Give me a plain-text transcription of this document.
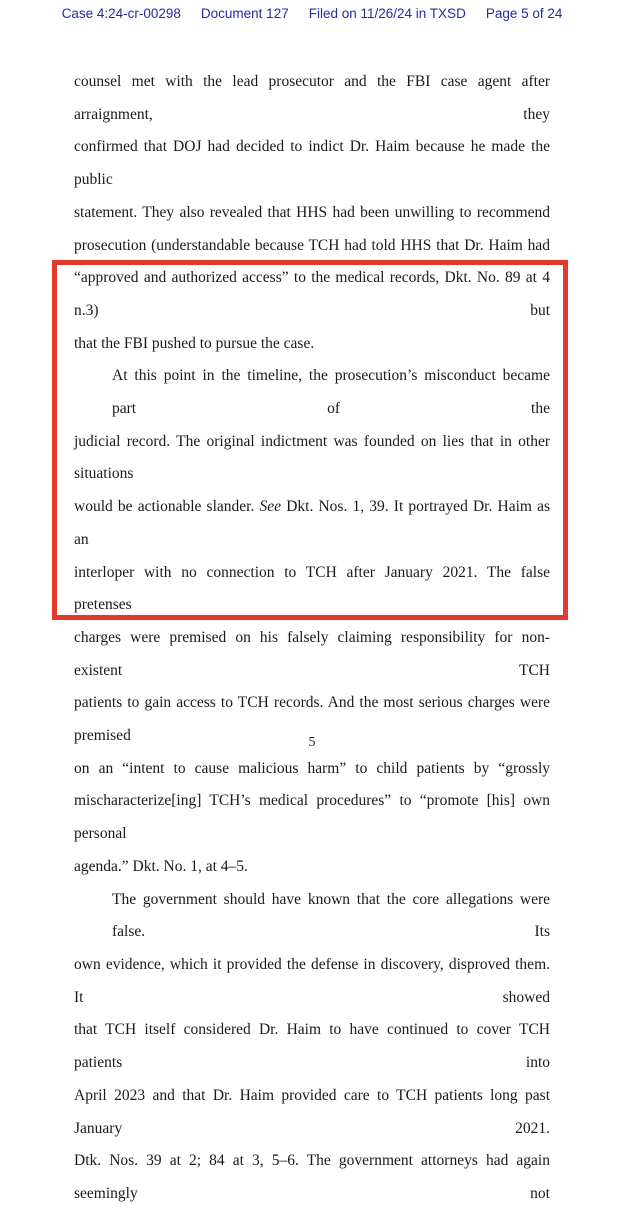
Case 4:24-cr-00298 Document 127 Filed on 11/26/24 in TXSD Page 5 of 24

counsel met with the lead prosecutor and the FBI case agent after arraignment, they
confirmed that DOJ had decided to indict Dr. Haim because he made the public
statement. They also revealed that HHS had been unwilling to recommend
prosecution (understandable because TCH had told HHS that Dr. Haim had
“approved and authorized access” to the medical records, Dkt. No. 89 at 4 n.3) but
that the FBI pushed to pursue the case.

At this point in the timeline, the prosecution’s misconduct became part of the
judicial record. The original indictment was founded on lies that in other situations
would be actionable slander. See Dkt. Nos. 1, 39. It portrayed Dr. Haim as an
interloper with no connection to TCH after January 2021. The false pretenses
charges were premised on his falsely claiming responsibility for non-existent TCH
patients to gain access to TCH records. And the most serious charges were premised
on an “intent to cause malicious harm” to child patients by “grossly
mischaracterize[ing] TCH’s medical procedures” to “promote [his] own personal
agenda.” Dkt. No. 1, at 4–5.

The government should have known that the core allegations were false. Its
own evidence, which it provided the defense in discovery, disproved them. It showed
that TCH itself considered Dr. Haim to have continued to cover TCH patients into
April 2023 and that Dr. Haim provided care to TCH patients long past January 2021.
Dtk. Nos. 39 at 2; 84 at 3, 5–6. The government attorneys had again seemingly not

5
